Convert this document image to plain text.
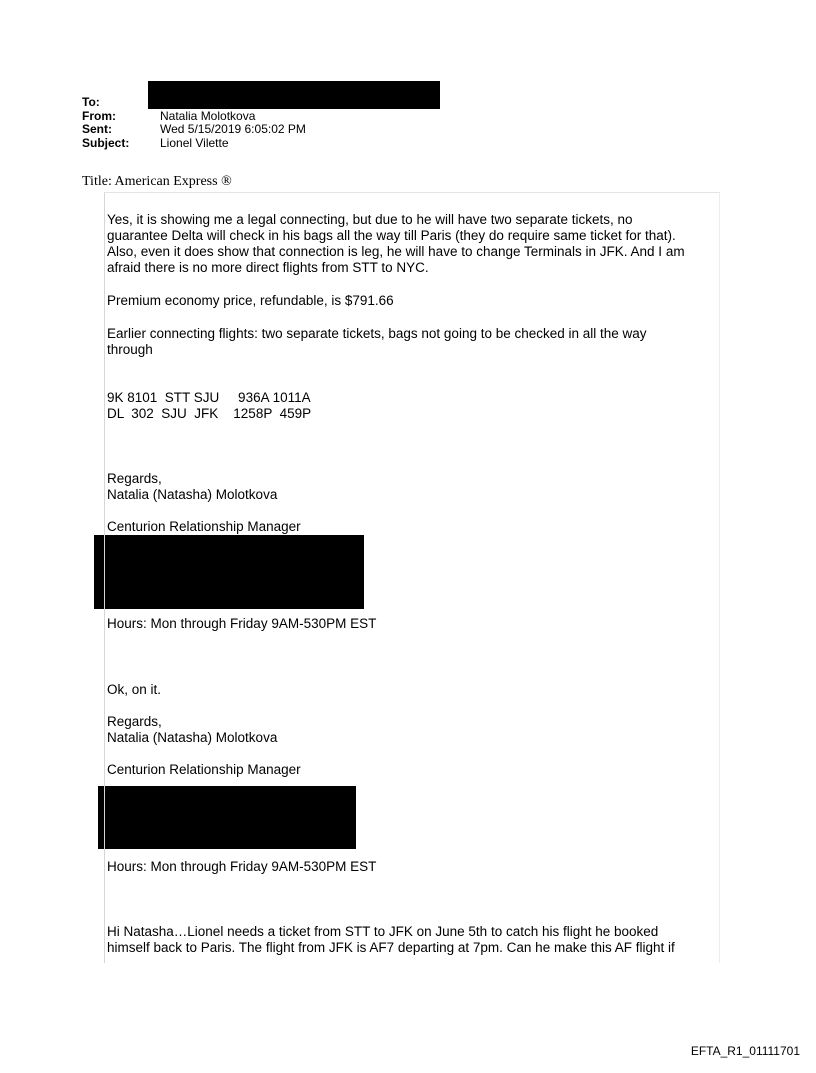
To:
From:	Natalia Molotkova
Sent:	Wed 5/15/2019 6:05:02 PM
Subject:	Lionel Vilette
Title: American Express ®
Yes, it is showing me a legal connecting, but due to he will have two separate tickets, no
guarantee Delta will check in his bags all the way till Paris (they do require same ticket for that).
Also, even it does show that connection is leg, he will have to change Terminals in JFK. And I am
afraid there is no more direct flights from STT to NYC.
Premium economy price, refundable, is $791.66
Earlier connecting flights: two separate tickets, bags not going to be checked in all the way
through
9K 8101  STT SJU     936A 1011A
DL  302  SJU  JFK    1258P  459P
Regards,
Natalia (Natasha) Molotkova
Centurion Relationship Manager
Hours: Mon through Friday 9AM-530PM EST
Ok, on it.
Regards,
Natalia (Natasha) Molotkova
Centurion Relationship Manager
Hours: Mon through Friday 9AM-530PM EST
Hi Natasha…Lionel needs a ticket from STT to JFK on June 5th to catch his flight he booked
himself back to Paris. The flight from JFK is AF7 departing at 7pm. Can he make this AF flight if
EFTA_R1_01111701
